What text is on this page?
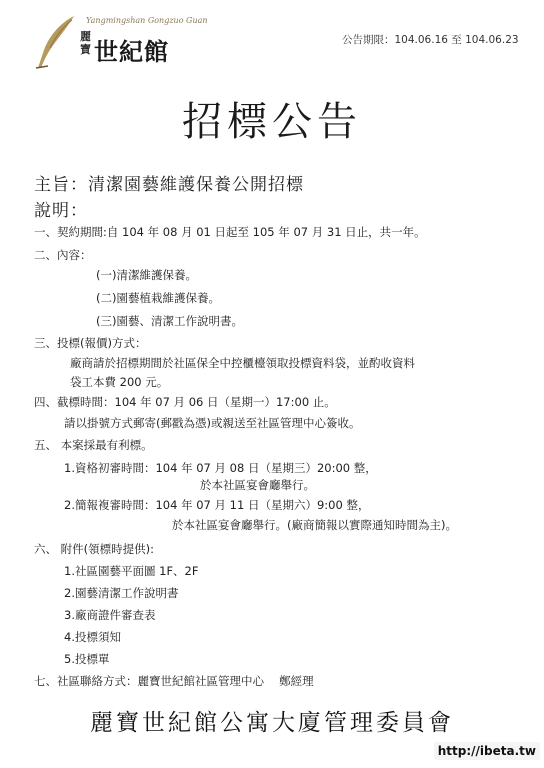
Yangmingshan Gongzuo Guan
麗寶 世紀館	公告期限：104.06.16 至 104.06.23
招標公告
主旨：清潔園藝維護保養公開招標
說明：
一、契約期間:自 104 年 08 月 01 日起至 105 年 07 月 31 日止，共一年。
二、內容：
(一)清潔維護保養。
(二)園藝植栽維護保養。
(三)園藝、清潔工作說明書。
三、投標(報價)方式：
廠商請於招標期間於社區保全中控櫃檯領取投標資料袋，並酌收資料
袋工本費 200 元。
四、截標時間：104 年 07 月 06 日（星期一）17:00 止。
請以掛號方式郵寄(郵戳為憑)或親送至社區管理中心簽收。
五、 本案採最有利標。
1.資格初審時間：104 年 07 月 08 日（星期三）20:00 整，
於本社區宴會廳舉行。
2.簡報複審時間：104 年 07 月 11 日（星期六）9:00 整，
於本社區宴會廳舉行。(廠商簡報以實際通知時間為主)。
六、 附件(領標時提供):
1.社區園藝平面圖 1F、2F
2.園藝清潔工作說明書
3.廠商證件審查表
4.投標須知
5.投標單
七、社區聯絡方式：麗寶世紀館社區管理中心　 鄭經理
麗寶世紀館公寓大廈管理委員會
http://ibeta.tw
